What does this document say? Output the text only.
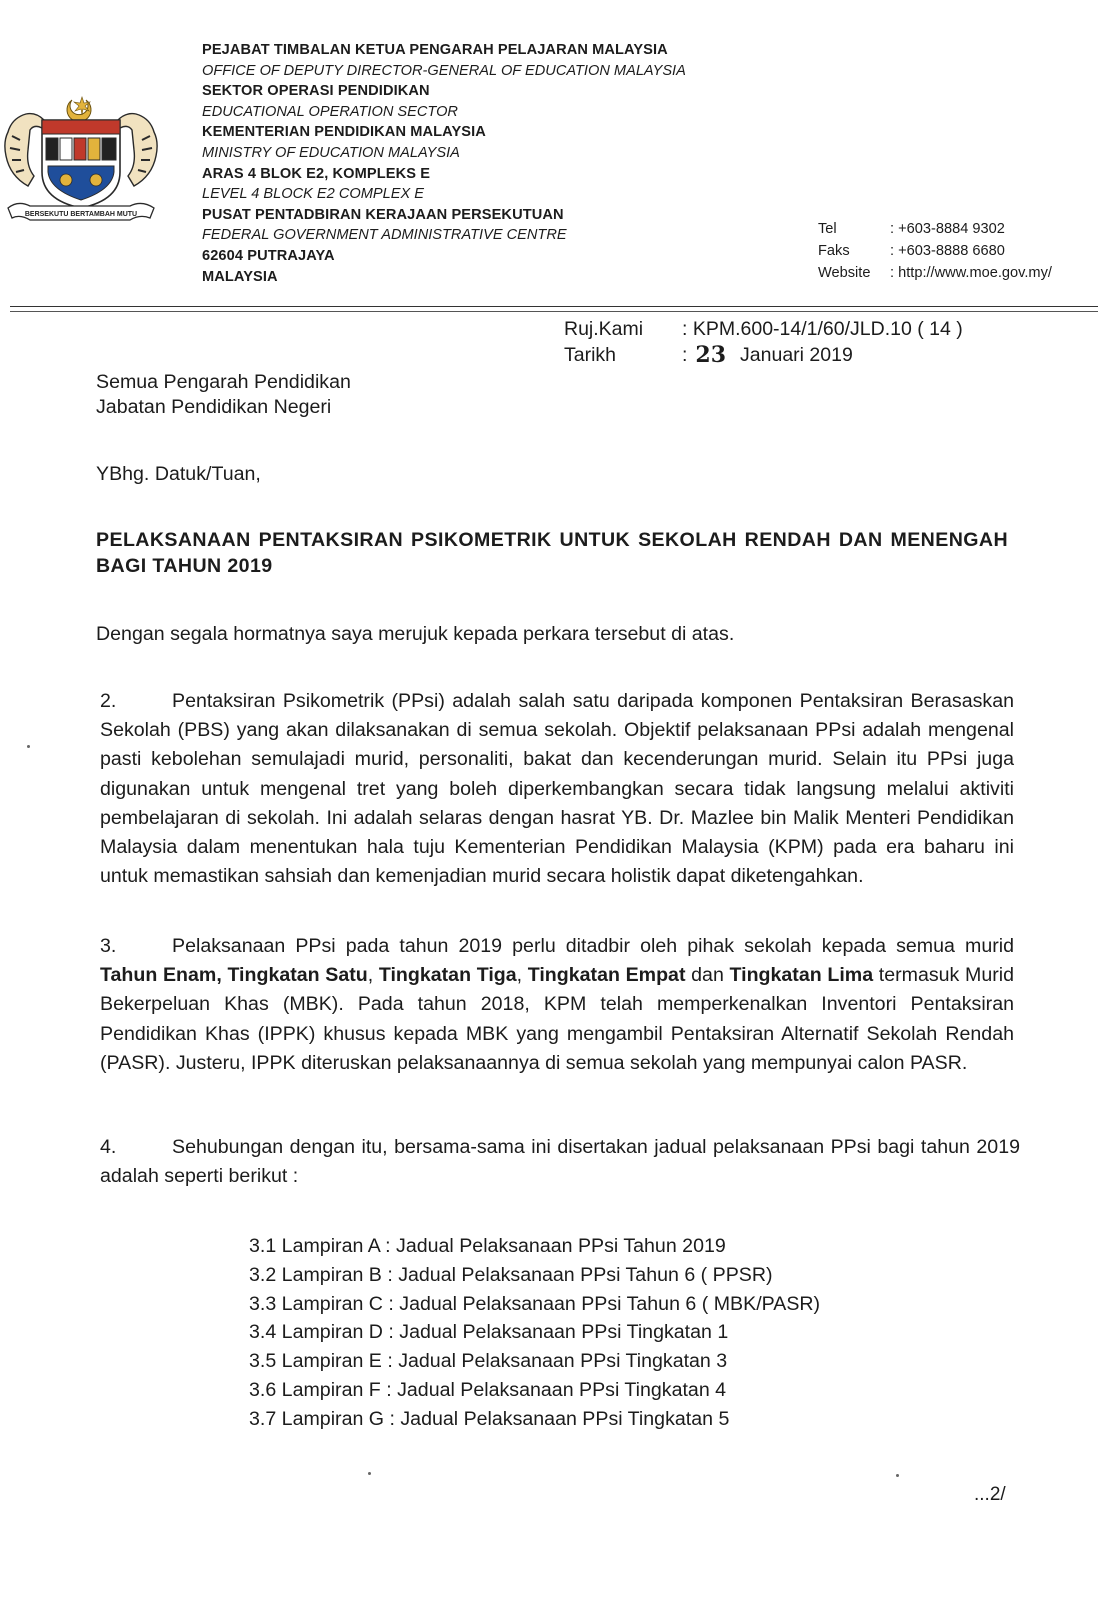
BERSEKUTU BERTAMBAH MUTU
PEJABAT TIMBALAN KETUA PENGARAH PELAJARAN MALAYSIA
OFFICE OF DEPUTY DIRECTOR-GENERAL OF EDUCATION MALAYSIA
SEKTOR OPERASI PENDIDIKAN
EDUCATIONAL OPERATION SECTOR
KEMENTERIAN PENDIDIKAN MALAYSIA
MINISTRY OF EDUCATION MALAYSIA
ARAS 4 BLOK E2, KOMPLEKS E
LEVEL 4 BLOCK E2 COMPLEX E
PUSAT PENTADBIRAN KERAJAAN PERSEKUTUAN
FEDERAL GOVERNMENT ADMINISTRATIVE CENTRE
62604 PUTRAJAYA
MALAYSIA
Tel	: +603-8884 9302
Faks	: +603-8888 6680
Website	: http://www.moe.gov.my/
Ruj.Kami	: KPM.600-14/1/60/JLD.10 ( 14 )
Tarikh	: 23 Januari 2019
Semua Pengarah Pendidikan
Jabatan Pendidikan Negeri
YBhg. Datuk/Tuan,
PELAKSANAAN PENTAKSIRAN PSIKOMETRIK UNTUK SEKOLAH RENDAH DAN MENENGAH BAGI TAHUN 2019
Dengan segala hormatnya saya merujuk kepada perkara tersebut di atas.
2.	Pentaksiran Psikometrik (PPsi) adalah salah satu daripada komponen Pentaksiran Berasaskan Sekolah (PBS) yang akan dilaksanakan di semua sekolah. Objektif pelaksanaan PPsi adalah mengenal pasti kebolehan semulajadi murid, personaliti, bakat dan kecenderungan murid. Selain itu PPsi juga digunakan untuk mengenal tret yang boleh diperkembangkan secara tidak langsung melalui aktiviti pembelajaran di sekolah. Ini adalah selaras dengan hasrat YB. Dr. Mazlee bin Malik Menteri Pendidikan Malaysia dalam menentukan hala tuju Kementerian Pendidikan Malaysia (KPM) pada era baharu ini untuk memastikan sahsiah dan kemenjadian murid secara holistik dapat diketengahkan.
3.	Pelaksanaan PPsi pada tahun 2019 perlu ditadbir oleh pihak sekolah kepada semua murid Tahun Enam, Tingkatan Satu, Tingkatan Tiga, Tingkatan Empat dan Tingkatan Lima termasuk Murid Bekerpeluan Khas (MBK). Pada tahun 2018, KPM telah memperkenalkan Inventori Pentaksiran Pendidikan Khas (IPPK) khusus kepada MBK yang mengambil Pentaksiran Alternatif Sekolah Rendah (PASR). Justeru, IPPK diteruskan pelaksanaannya di semua sekolah yang mempunyai calon PASR.
4.	Sehubungan dengan itu, bersama-sama ini disertakan jadual pelaksanaan PPsi bagi tahun 2019 adalah seperti berikut :
3.1 Lampiran A : Jadual Pelaksanaan PPsi Tahun 2019
3.2 Lampiran B : Jadual Pelaksanaan PPsi Tahun 6 ( PPSR)
3.3 Lampiran C : Jadual Pelaksanaan PPsi Tahun 6 ( MBK/PASR)
3.4 Lampiran D : Jadual Pelaksanaan PPsi Tingkatan 1
3.5 Lampiran E : Jadual Pelaksanaan PPsi Tingkatan 3
3.6 Lampiran F : Jadual Pelaksanaan PPsi Tingkatan 4
3.7 Lampiran G : Jadual Pelaksanaan PPsi Tingkatan 5
...2/
